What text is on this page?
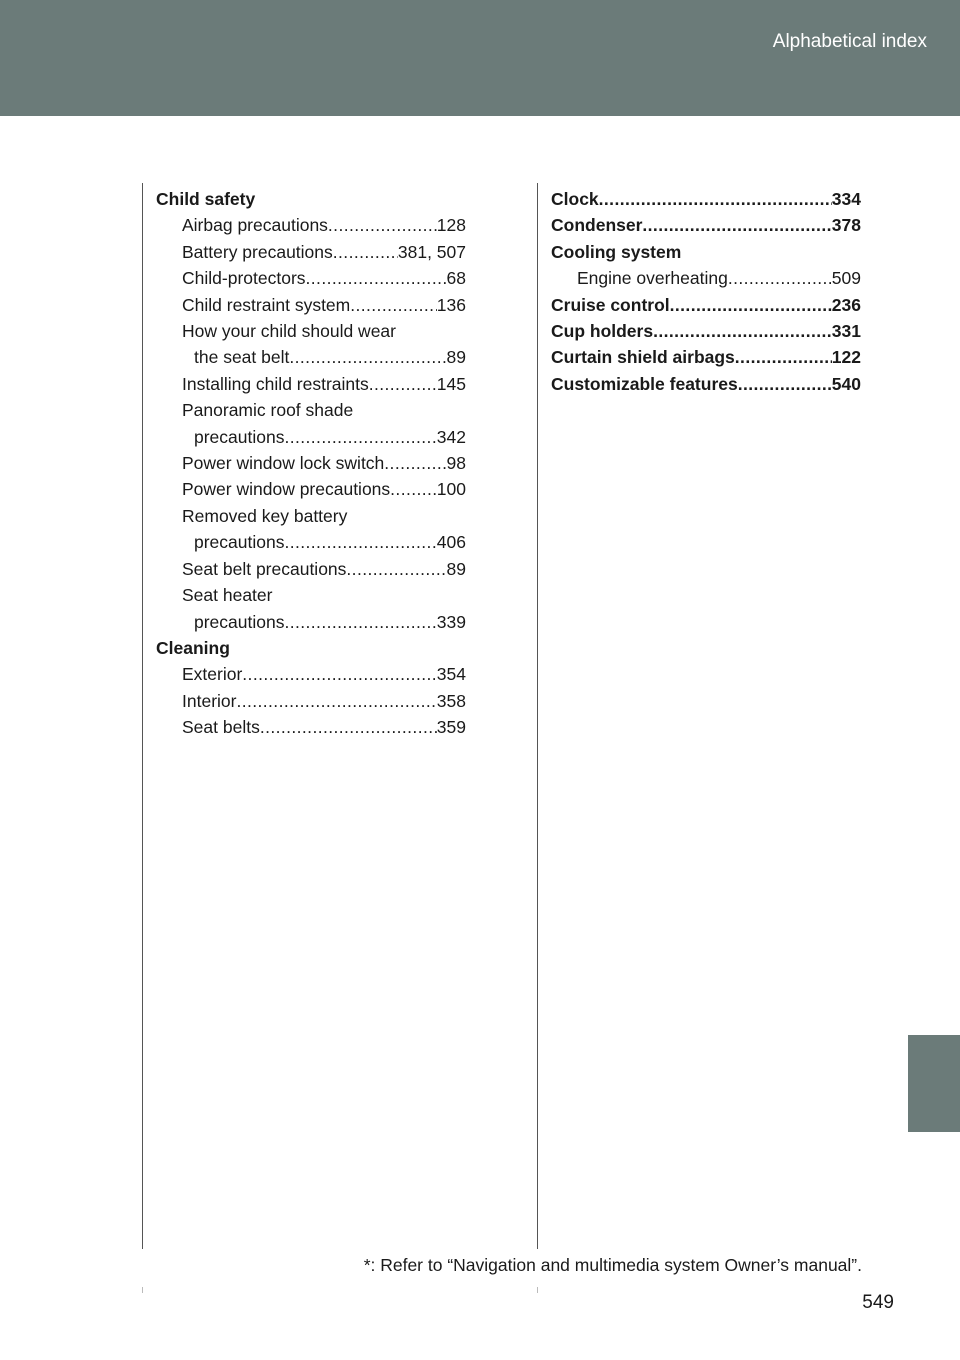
Alphabetical index
Child safety
Airbag precautions .....	128
Battery precautions .....	381, 507
Child-protectors .....	68
Child restraint system .....	136
How your child should wear
the seat belt .....	89
Installing child restraints .....	145
Panoramic roof shade
precautions .....	342
Power window lock switch .....	98
Power window precautions .....	100
Removed key battery
precautions .....	406
Seat belt precautions .....	89
Seat heater
precautions .....	339
Cleaning
Exterior .....	354
Interior .....	358
Seat belts .....	359
Clock .....	334
Condenser .....	378
Cooling system
Engine overheating .....	509
Cruise control .....	236
Cup holders .....	331
Curtain shield airbags .....	122
Customizable features .....	540
*: Refer to “Navigation and multimedia system Owner’s manual”.
549
